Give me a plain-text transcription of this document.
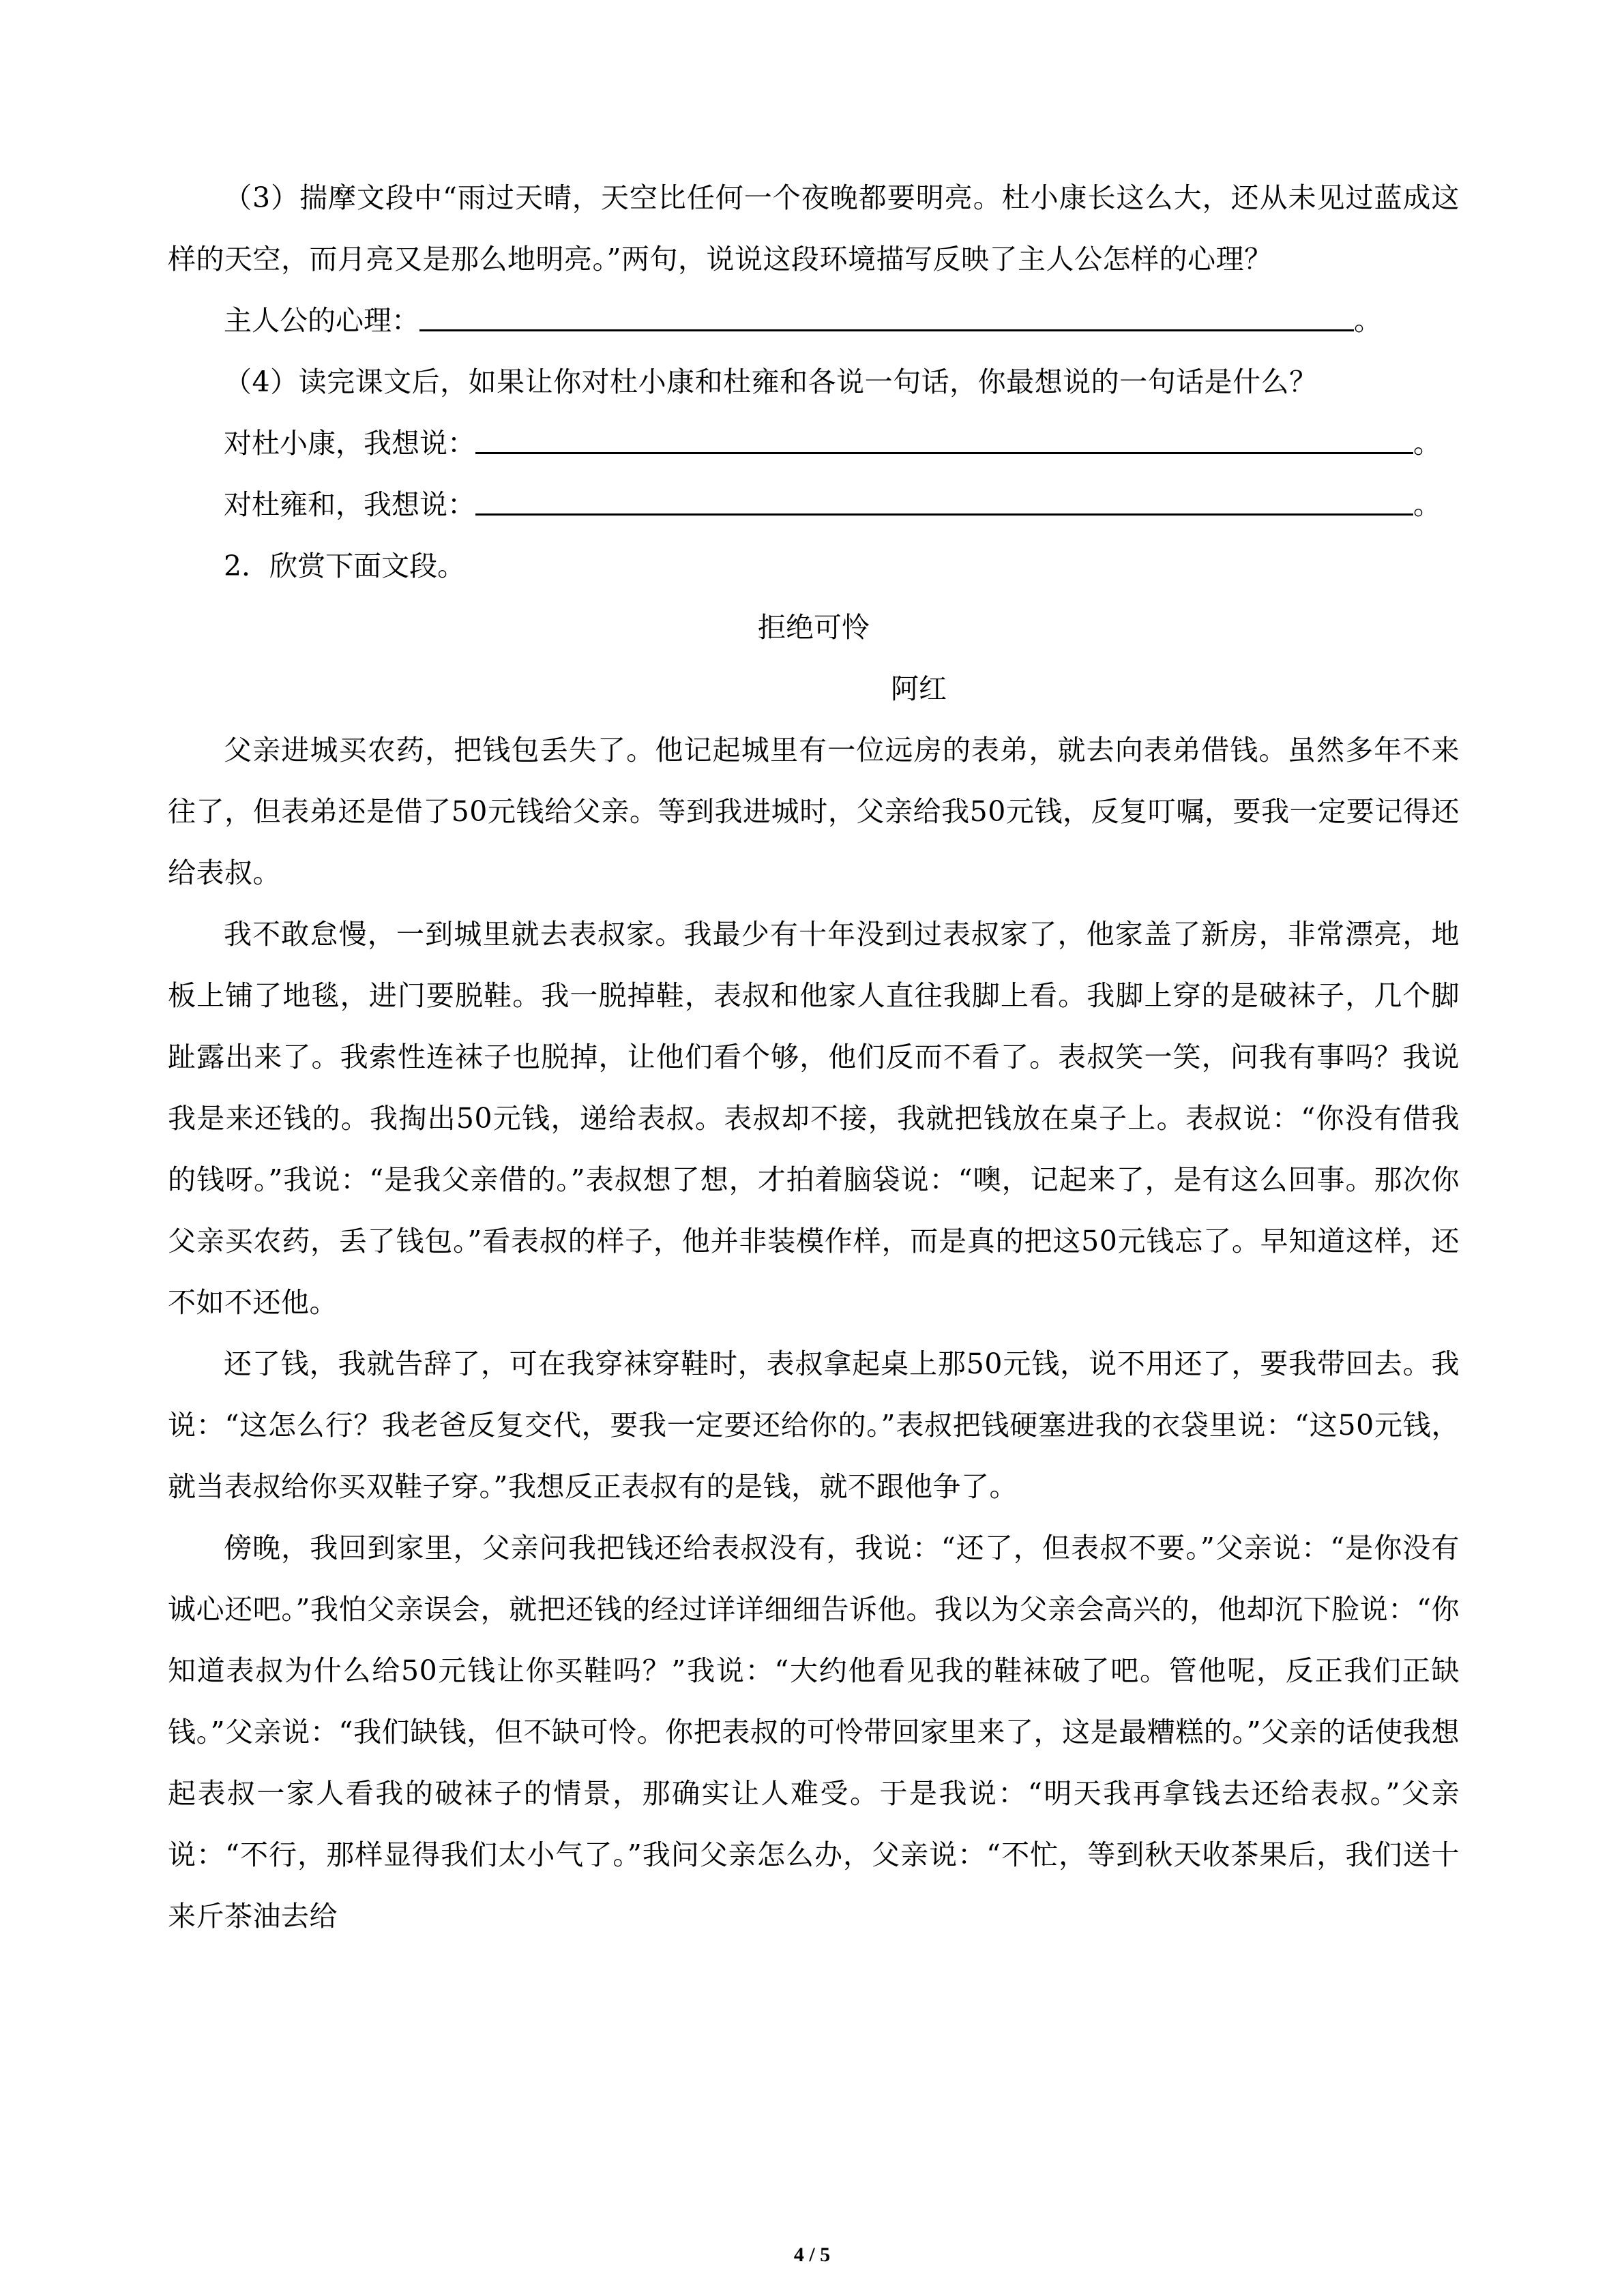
（3）揣摩文段中“雨过天晴，天空比任何一个夜晚都要明亮。杜小康长这么大，还从未见过蓝成这样的天空，而月亮又是那么地明亮。”两句，说说这段环境描写反映了主人公怎样的心理？

主人公的心理：	。

（4）读完课文后，如果让你对杜小康和杜雍和各说一句话，你最想说的一句话是什么？

对杜小康，我想说：	。

对杜雍和，我想说：	。

2．欣赏下面文段。

拒绝可怜

阿红

父亲进城买农药，把钱包丢失了。他记起城里有一位远房的表弟，就去向表弟借钱。虽然多年不来往了，但表弟还是借了50元钱给父亲。等到我进城时，父亲给我50元钱，反复叮嘱，要我一定要记得还给表叔。

我不敢怠慢，一到城里就去表叔家。我最少有十年没到过表叔家了，他家盖了新房，非常漂亮，地板上铺了地毯，进门要脱鞋。我一脱掉鞋，表叔和他家人直往我脚上看。我脚上穿的是破袜子，几个脚趾露出来了。我索性连袜子也脱掉，让他们看个够，他们反而不看了。表叔笑一笑，问我有事吗？我说我是来还钱的。我掏出50元钱，递给表叔。表叔却不接，我就把钱放在桌子上。表叔说：“你没有借我的钱呀。”我说：“是我父亲借的。”表叔想了想，才拍着脑袋说：“噢，记起来了，是有这么回事。那次你父亲买农药，丢了钱包。”看表叔的样子，他并非装模作样，而是真的把这50元钱忘了。早知道这样，还不如不还他。

还了钱，我就告辞了，可在我穿袜穿鞋时，表叔拿起桌上那50元钱，说不用还了，要我带回去。我说：“这怎么行？我老爸反复交代，要我一定要还给你的。”表叔把钱硬塞进我的衣袋里说：“这50元钱，就当表叔给你买双鞋子穿。”我想反正表叔有的是钱，就不跟他争了。

傍晚，我回到家里，父亲问我把钱还给表叔没有，我说：“还了，但表叔不要。”父亲说：“是你没有诚心还吧。”我怕父亲误会，就把还钱的经过详详细细告诉他。我以为父亲会高兴的，他却沉下脸说：“你知道表叔为什么给50元钱让你买鞋吗？”我说：“大约他看见我的鞋袜破了吧。管他呢，反正我们正缺钱。”父亲说：“我们缺钱，但不缺可怜。你把表叔的可怜带回家里来了，这是最糟糕的。”父亲的话使我想起表叔一家人看我的破袜子的情景，那确实让人难受。于是我说：“明天我再拿钱去还给表叔。”父亲说：“不行，那样显得我们太小气了。”我问父亲怎么办，父亲说：“不忙，等到秋天收茶果后，我们送十来斤茶油去给

4 / 5
